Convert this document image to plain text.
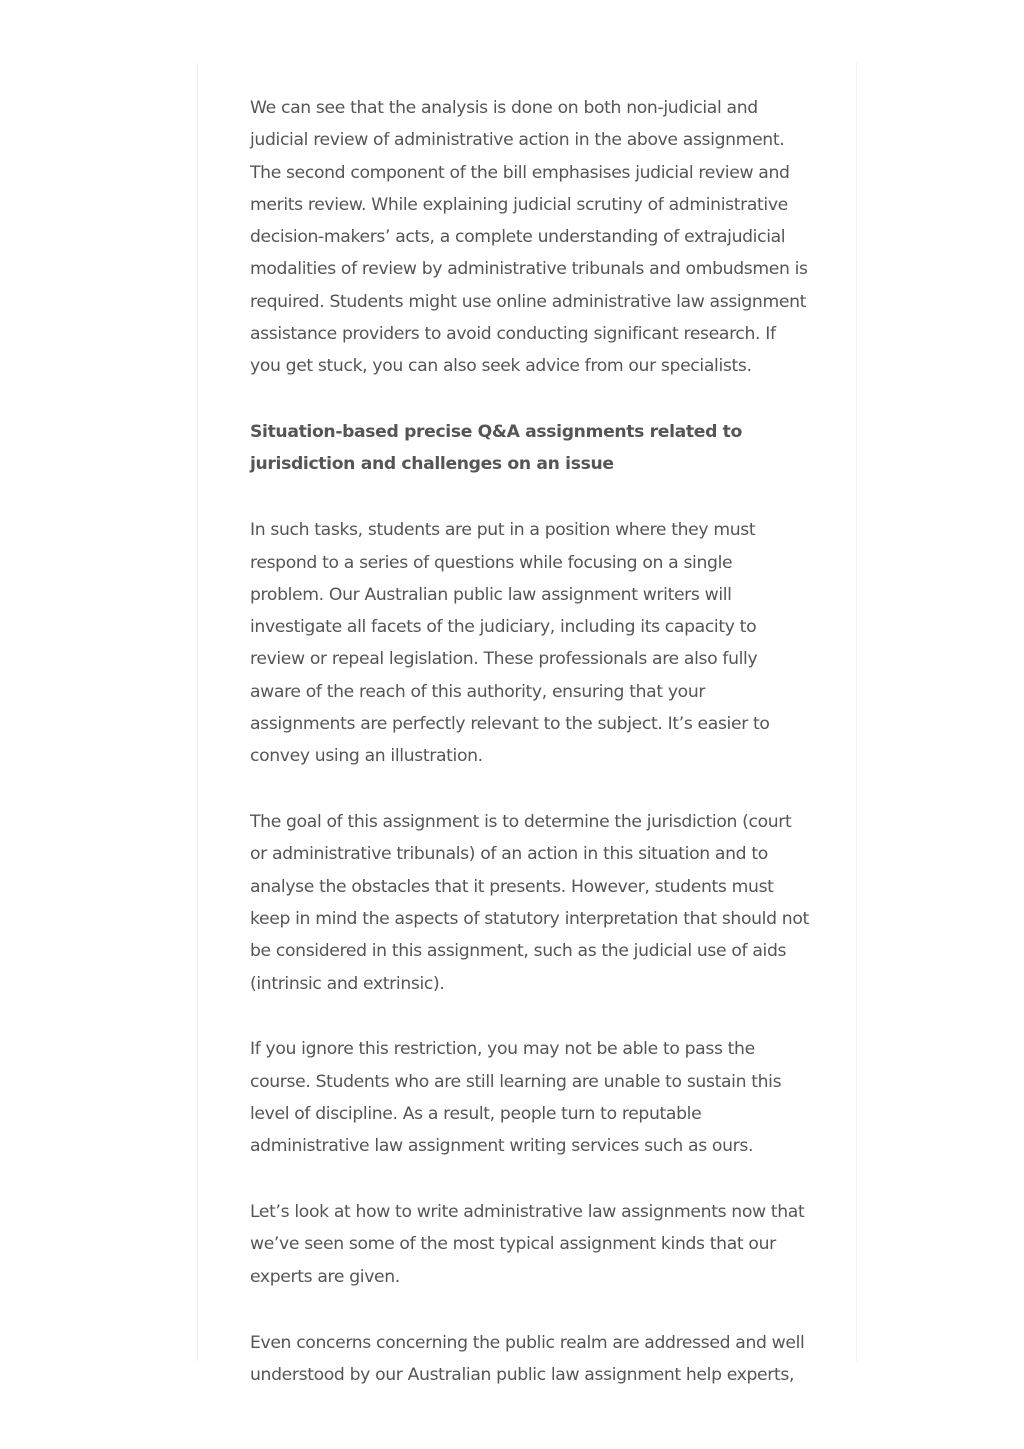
We can see that the analysis is done on both non-judicial and judicial review of administrative action in the above assignment. The second component of the bill emphasises judicial review and merits review. While explaining judicial scrutiny of administrative decision-makers’ acts, a complete understanding of extrajudicial modalities of review by administrative tribunals and ombudsmen is required. Students might use online administrative law assignment assistance providers to avoid conducting significant research. If you get stuck, you can also seek advice from our specialists.

Situation-based precise Q&A assignments related to jurisdiction and challenges on an issue

In such tasks, students are put in a position where they must respond to a series of questions while focusing on a single problem. Our Australian public law assignment writers will investigate all facets of the judiciary, including its capacity to review or repeal legislation. These professionals are also fully aware of the reach of this authority, ensuring that your assignments are perfectly relevant to the subject. It’s easier to convey using an illustration.

The goal of this assignment is to determine the jurisdiction (court or administrative tribunals) of an action in this situation and to analyse the obstacles that it presents. However, students must keep in mind the aspects of statutory interpretation that should not be considered in this assignment, such as the judicial use of aids (intrinsic and extrinsic).

If you ignore this restriction, you may not be able to pass the course. Students who are still learning are unable to sustain this level of discipline. As a result, people turn to reputable administrative law assignment writing services such as ours.

Let’s look at how to write administrative law assignments now that we’ve seen some of the most typical assignment kinds that our experts are given.

Even concerns concerning the public realm are addressed and well understood by our Australian public law assignment help experts,
